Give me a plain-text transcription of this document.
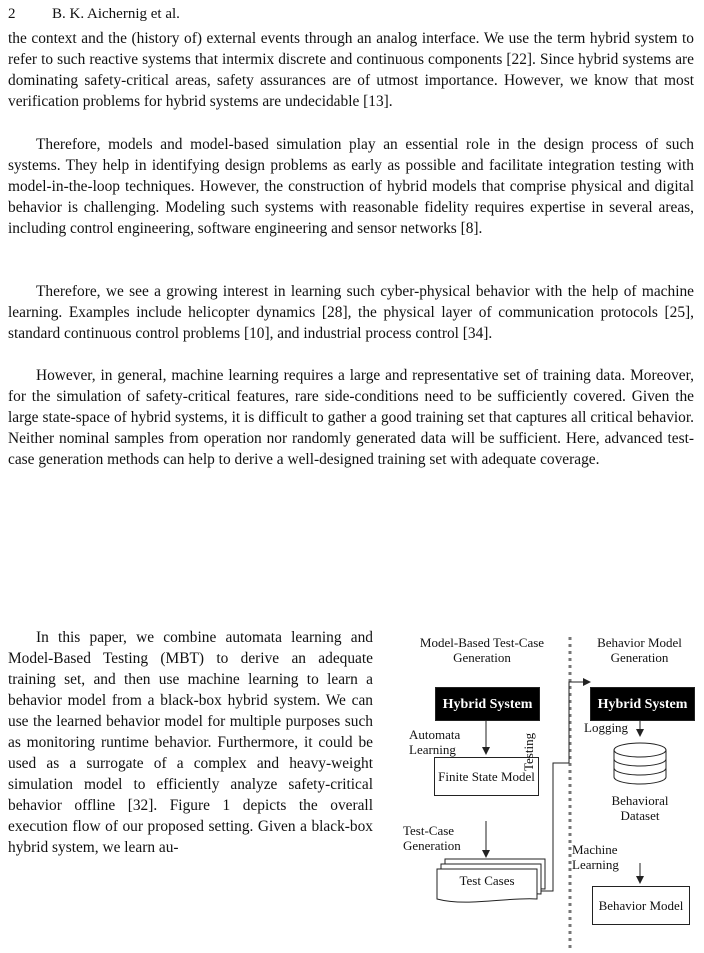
2 B. K. Aichernig et al.

the context and the (history of) external events through an analog interface. We use the term hybrid system to refer to such reactive systems that intermix discrete and continuous components [22]. Since hybrid systems are dominating safety-critical areas, safety assurances are of utmost importance. However, we know that most verification problems for hybrid systems are undecidable [13].

Therefore, models and model-based simulation play an essential role in the design process of such systems. They help in identifying design problems as early as possible and facilitate integration testing with model-in-the-loop techniques. However, the construction of hybrid models that comprise physical and digital behavior is challenging. Modeling such systems with reasonable fidelity requires expertise in several areas, including control engineering, software engineering and sensor networks [8].

Therefore, we see a growing interest in learning such cyber-physical behavior with the help of machine learning. Examples include helicopter dynamics [28], the physical layer of communication protocols [25], standard continuous control problems [10], and industrial process control [34].

However, in general, machine learning requires a large and representative set of training data. Moreover, for the simulation of safety-critical features, rare side-conditions need to be sufficiently covered. Given the large state-space of hybrid systems, it is difficult to gather a good training set that captures all critical behavior. Neither nominal samples from operation nor randomly generated data will be sufficient. Here, advanced test-case generation methods can help to derive a well-designed training set with adequate coverage.

In this paper, we combine automata learning and Model-Based Testing (MBT) to derive an adequate training set, and then use machine learning to learn a behavior model from a black-box hybrid system. We can use the learned behavior model for multiple purposes such as monitoring runtime behavior. Furthermore, it could be used as a surrogate of a complex and heavy-weight simulation model to efficiently analyze safety-critical behavior offline [32]. Figure 1 depicts the overall execution flow of our proposed setting. Given a black-box hybrid system, we learn au-

Model-Based Test-Case Generation
Behavior Model Generation
Hybrid System	Hybrid System
Automata Learning
Finite State Model
Test-Case Generation
Test Cases
Testing
Logging
Behavioral Dataset
Machine Learning
Behavior Model
